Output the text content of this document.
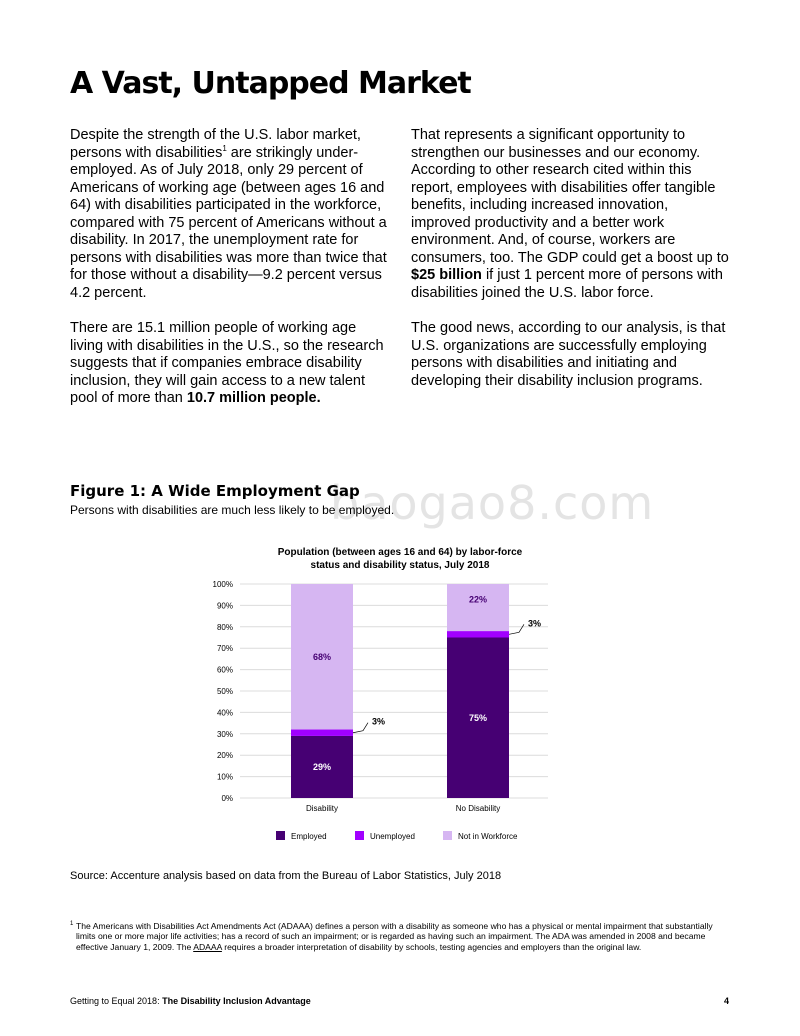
A Vast, Untapped Market

Despite the strength of the U.S. labor market, persons with disabilities$^1$ are strikingly under-employed. As of July 2018, only 29 percent of Americans of working age (between ages 16 and 64) with disabilities participated in the workforce, compared with 75 percent of Americans without a disability. In 2017, the unemployment rate for persons with disabilities was more than twice that for those without a disability—9.2 percent versus 4.2 percent.

There are 15.1 million people of working age living with disabilities in the U.S., so the research suggests that if companies embrace disability inclusion, they will gain access to a new talent pool of more than 10.7 million people.

That represents a significant opportunity to strengthen our businesses and our economy. According to other research cited within this report, employees with disabilities offer tangible benefits, including increased innovation, improved productivity and a better work environment. And, of course, workers are consumers, too. The GDP could get a boost up to $25 billion if just 1 percent more of persons with disabilities joined the U.S. labor force.

The good news, according to our analysis, is that U.S. organizations are successfully employing persons with disabilities and initiating and developing their disability inclusion programs.

baogao8.com
Figure 1: A Wide Employment Gap
Persons with disabilities are much less likely to be employed.
Population (between ages 16 and 64) by labor-force
status and disability status, July 2018
0%
10%
20%
30%
40%
50%
60%
70%
80%
90%
100%
29%
3%
68%
75%
3%
22%
Disability	No Disability
Employed	Unemployed	Not in Workforce
Source: Accenture analysis based on data from the Bureau of Labor Statistics, July 2018
1 The Americans with Disabilities Act Amendments Act (ADAAA) defines a person with a disability as someone who has a physical or mental impairment that substantially limits one or more major life activities; has a record of such an impairment; or is regarded as having such an impairment. The ADA was amended in 2008 and became effective January 1, 2009. The ADAAA requires a broader interpretation of disability by schools, testing agencies and employers than the original law.
Getting to Equal 2018: The Disability Inclusion Advantage	4
